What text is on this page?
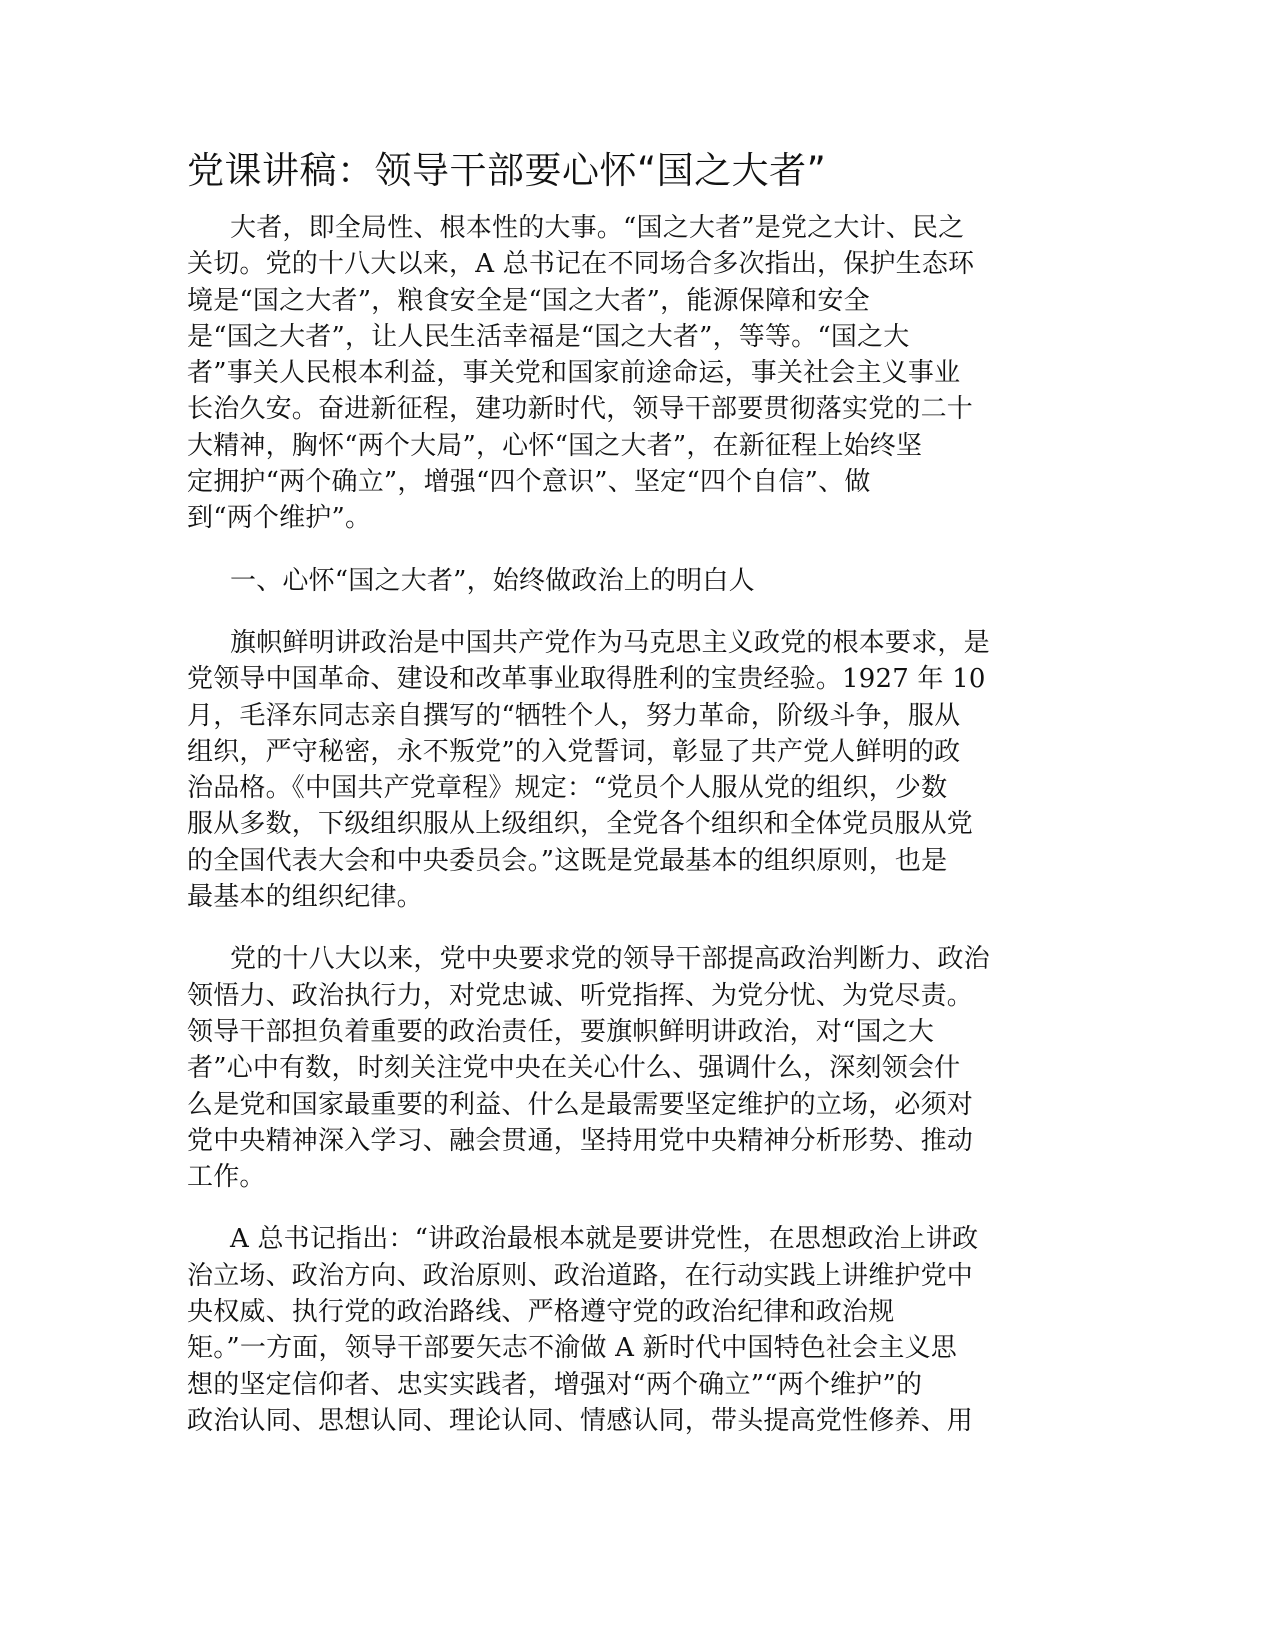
党课讲稿：领导干部要心怀“国之大者”

大者，即全局性、根本性的大事。“国之大者”是党之大计、民之
关切。党的十八大以来，A 总书记在不同场合多次指出，保护生态环
境是“国之大者”，粮食安全是“国之大者”，能源保障和安全
是“国之大者”，让人民生活幸福是“国之大者”，等等。“国之大
者”事关人民根本利益，事关党和国家前途命运，事关社会主义事业
长治久安。奋进新征程，建功新时代，领导干部要贯彻落实党的二十
大精神，胸怀“两个大局”，心怀“国之大者”，在新征程上始终坚
定拥护“两个确立”，增强“四个意识”、坚定“四个自信”、做
到“两个维护”。

一、心怀“国之大者”，始终做政治上的明白人

旗帜鲜明讲政治是中国共产党作为马克思主义政党的根本要求，是
党领导中国革命、建设和改革事业取得胜利的宝贵经验。1927 年 10
月，毛泽东同志亲自撰写的“牺牲个人，努力革命，阶级斗争，服从
组织，严守秘密，永不叛党”的入党誓词，彰显了共产党人鲜明的政
治品格。《中国共产党章程》规定：“党员个人服从党的组织，少数
服从多数，下级组织服从上级组织，全党各个组织和全体党员服从党
的全国代表大会和中央委员会。”这既是党最基本的组织原则，也是
最基本的组织纪律。

党的十八大以来，党中央要求党的领导干部提高政治判断力、政治
领悟力、政治执行力，对党忠诚、听党指挥、为党分忧、为党尽责。
领导干部担负着重要的政治责任，要旗帜鲜明讲政治，对“国之大
者”心中有数，时刻关注党中央在关心什么、强调什么，深刻领会什
么是党和国家最重要的利益、什么是最需要坚定维护的立场，必须对
党中央精神深入学习、融会贯通，坚持用党中央精神分析形势、推动
工作。

A 总书记指出：“讲政治最根本就是要讲党性，在思想政治上讲政
治立场、政治方向、政治原则、政治道路，在行动实践上讲维护党中
央权威、执行党的政治路线、严格遵守党的政治纪律和政治规
矩。”一方面，领导干部要矢志不渝做 A 新时代中国特色社会主义思
想的坚定信仰者、忠实实践者，增强对“两个确立”“两个维护”的
政治认同、思想认同、理论认同、情感认同，带头提高党性修养、用
